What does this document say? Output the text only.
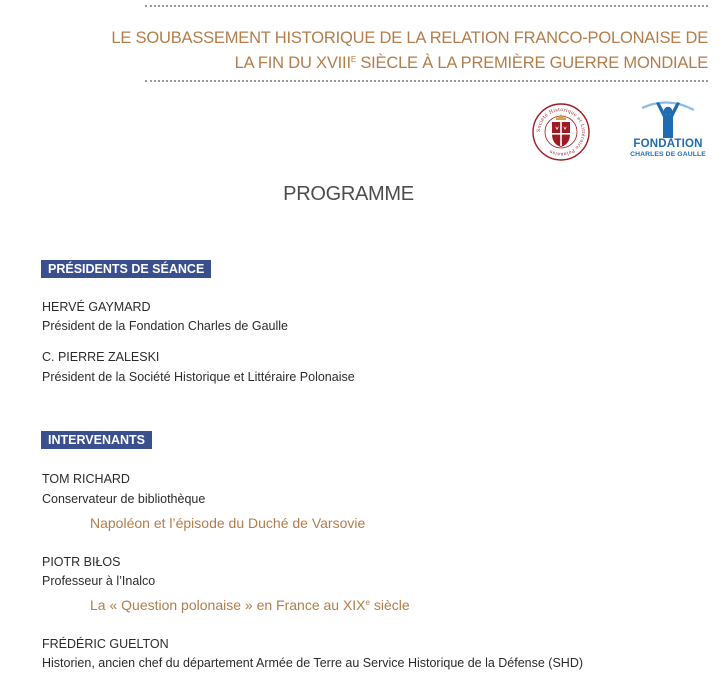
LE SOUBASSEMENT HISTORIQUE DE LA RELATION FRANCO-POLONAISE DE
LA FIN DU $XVIII^E$ SIÈCLE À LA PREMIÈRE GUERRE MONDIALE
Société Historique et Littéraire Polonaise
FONDATION
CHARLES DE GAULLE
PROGRAMME
PRÉSIDENTS DE SÉANCE
HERVÉ GAYMARD
Président de la Fondation Charles de Gaulle
C. PIERRE ZALESKI
Président de la Société Historique et Littéraire Polonaise
INTERVENANTS
TOM RICHARD
Conservateur de bibliothèque
Napoléon et l’épisode du Duché de Varsovie
PIOTR BIŁOS
Professeur à l’Inalco
La « Question polonaise » en France au XIXe siècle
FRÉDÉRIC GUELTON
Historien, ancien chef du département Armée de Terre au Service Historique de la Défense (SHD)
